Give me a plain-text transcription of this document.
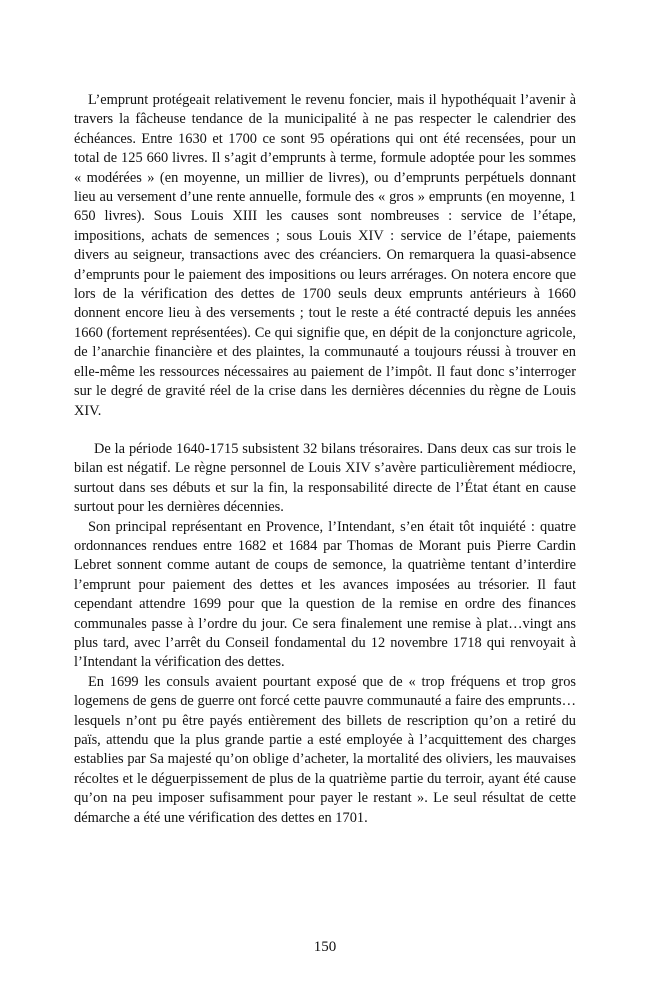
L’emprunt protégeait relativement le revenu foncier, mais il hypothéquait l’avenir à travers la fâcheuse tendance de la municipalité à ne pas respecter le calendrier des échéances. Entre 1630 et 1700 ce sont 95 opérations qui ont été recensées, pour un total de 125 660 livres. Il s’agit d’emprunts à terme, formule adoptée pour les sommes « modérées » (en moyenne, un millier de livres), ou d’emprunts perpétuels donnant lieu au versement d’une rente annuelle, formule des « gros » emprunts (en moyenne, 1 650 livres). Sous Louis XIII les causes sont nombreuses : service de l’étape, impositions, achats de semences ; sous Louis XIV : service de l’étape, paiements divers au seigneur, transactions avec des créanciers. On remarquera la quasi-absence d’emprunts pour le paiement des impositions ou leurs arrérages. On notera encore que lors de la vérification des dettes de 1700 seuls deux emprunts antérieurs à 1660 donnent encore lieu à des versements ; tout le reste a été contracté depuis les années 1660 (fortement représentées). Ce qui signifie que, en dépit de la conjoncture agricole, de l’anarchie financière et des plaintes, la communauté a toujours réussi à trouver en elle-même les ressources nécessaires au paiement de l’impôt. Il faut donc s’interroger sur le degré de gravité réel de la crise dans les dernières décennies du règne de Louis XIV.

De la période 1640-1715 subsistent 32 bilans trésoraires. Dans deux cas sur trois le bilan est négatif. Le règne personnel de Louis XIV s’avère particulièrement médiocre, surtout dans ses débuts et sur la fin, la responsabilité directe de l’État étant en cause surtout pour les dernières décennies.

Son principal représentant en Provence, l’Intendant, s’en était tôt inquiété : quatre ordonnances rendues entre 1682 et 1684 par Thomas de Morant puis Pierre Cardin Lebret sonnent comme autant de coups de semonce, la quatrième tentant d’interdire l’emprunt pour paiement des dettes et les avances imposées au trésorier. Il faut cependant attendre 1699 pour que la question de la remise en ordre des finances communales passe à l’ordre du jour. Ce sera finalement une remise à plat…vingt ans plus tard, avec l’arrêt du Conseil fondamental du 12 novembre 1718 qui renvoyait à l’Intendant la vérification des dettes.

En 1699 les consuls avaient pourtant exposé que de « trop fréquens et trop gros logemens de gens de guerre ont forcé cette pauvre communauté a faire des emprunts…lesquels n’ont pu être payés entièrement des billets de rescription qu’on a retiré du païs, attendu que la plus grande partie a esté employée à l’acquittement des charges establies par Sa majesté qu’on oblige d’acheter, la mortalité des oliviers, les mauvaises récoltes et le déguerpissement de plus de la quatrième partie du terroir, ayant été cause qu’on na peu imposer sufisamment pour payer le restant ». Le seul résultat de cette démarche a été une vérification des dettes en 1701.

150
